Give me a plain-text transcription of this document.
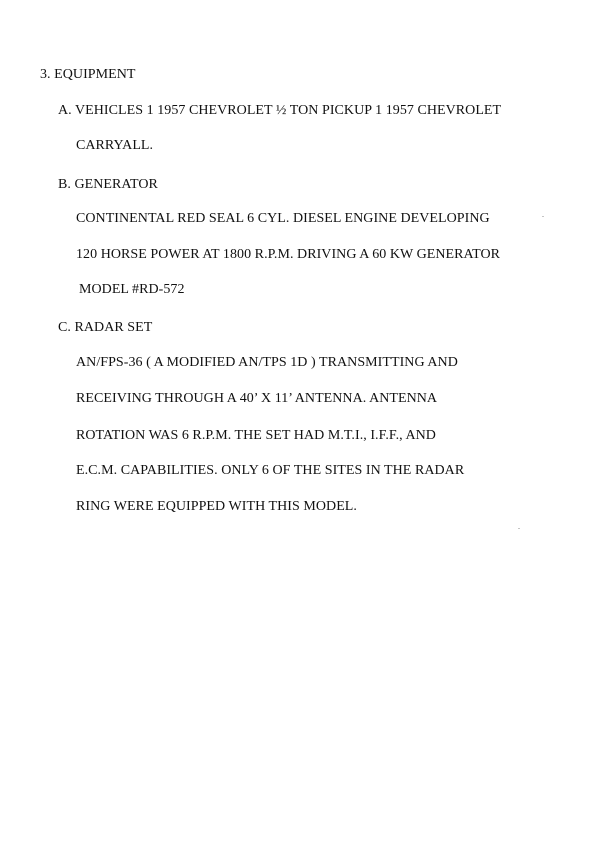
3. EQUIPMENT
A. VEHICLES 1 1957 CHEVROLET ½ TON PICKUP 1 1957 CHEVROLET
CARRYALL.
B. GENERATOR
CONTINENTAL RED SEAL 6 CYL. DIESEL ENGINE DEVELOPING
120 HORSE POWER AT 1800 R.P.M. DRIVING A 60 KW GENERATOR
MODEL #RD-572
C. RADAR SET
AN/FPS-36 ( A MODIFIED AN/TPS 1D ) TRANSMITTING AND
RECEIVING THROUGH A 40’ X 11’ ANTENNA. ANTENNA
ROTATION WAS 6 R.P.M. THE SET HAD M.T.I., I.F.F., AND
E.C.M. CAPABILITIES. ONLY 6 OF THE SITES IN THE RADAR
RING WERE EQUIPPED WITH THIS MODEL.
